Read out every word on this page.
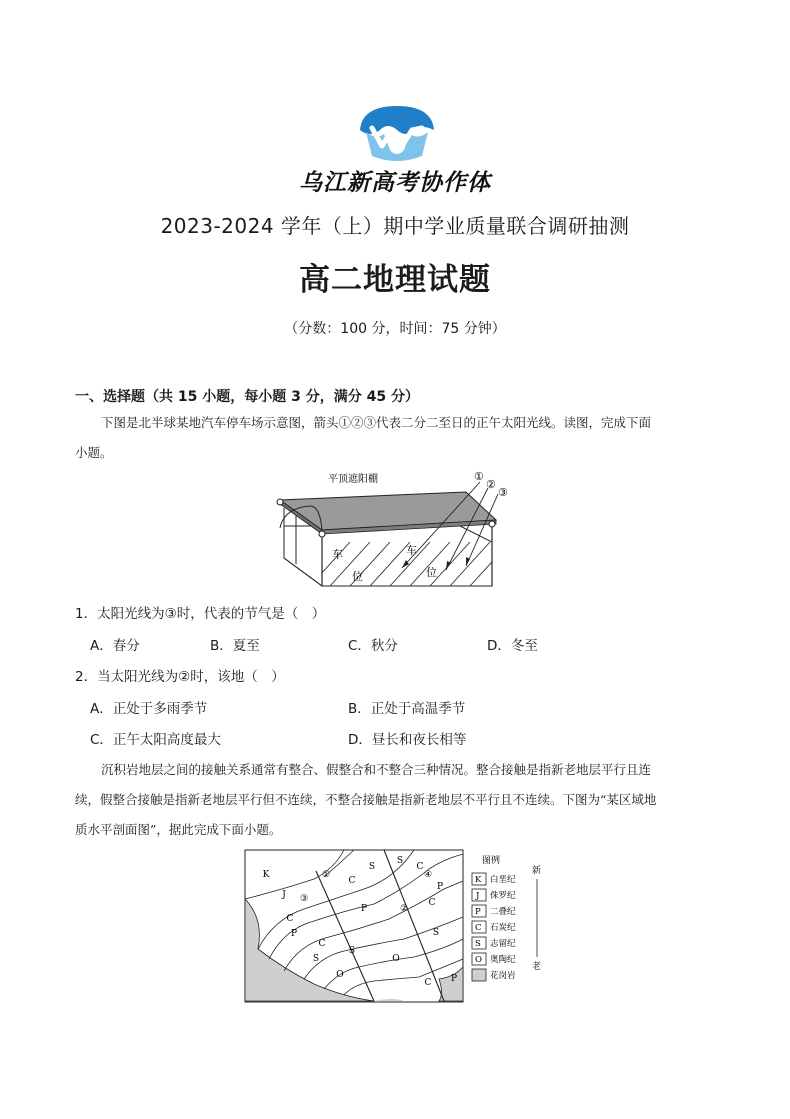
乌江新高考协作体
2023-2024 学年（上）期中学业质量联合调研抽测
高二地理试题
（分数：100 分，时间：75 分钟）
一、选择题（共 15 小题，每小题 3 分，满分 45 分）
下图是北半球某地汽车停车场示意图，箭头①②③代表二分二至日的正午太阳光线。读图，完成下面
小题。
平顶遮阳棚	①
②
③
车
位
车
位
1．太阳光线为③时，代表的节气是（　）
A．春分	B．夏至	C．秋分	D．冬至
2．当太阳光线为②时，该地（　）
A．正处于多雨季节	B．正处于高温季节
C．正午太阳高度最大	D．昼长和夜长相等
沉积岩地层之间的接触关系通常有整合、假整合和不整合三种情况。整合接触是指新老地层平行且连
续，假整合接触是指新老地层平行但不连续，不整合接触是指新老地层不平行且不连续。下图为“某区域地
质水平剖面图”，据此完成下面小题。
K
J
C
P
C
S
O
S
C
P
S
O
S
C
P
C
S
C P
①
②
③
④
图例
K 白垩纪
J 侏罗纪
P 二叠纪
C 石炭纪
S 志留纪
O 奥陶纪
花岗岩
新
老
